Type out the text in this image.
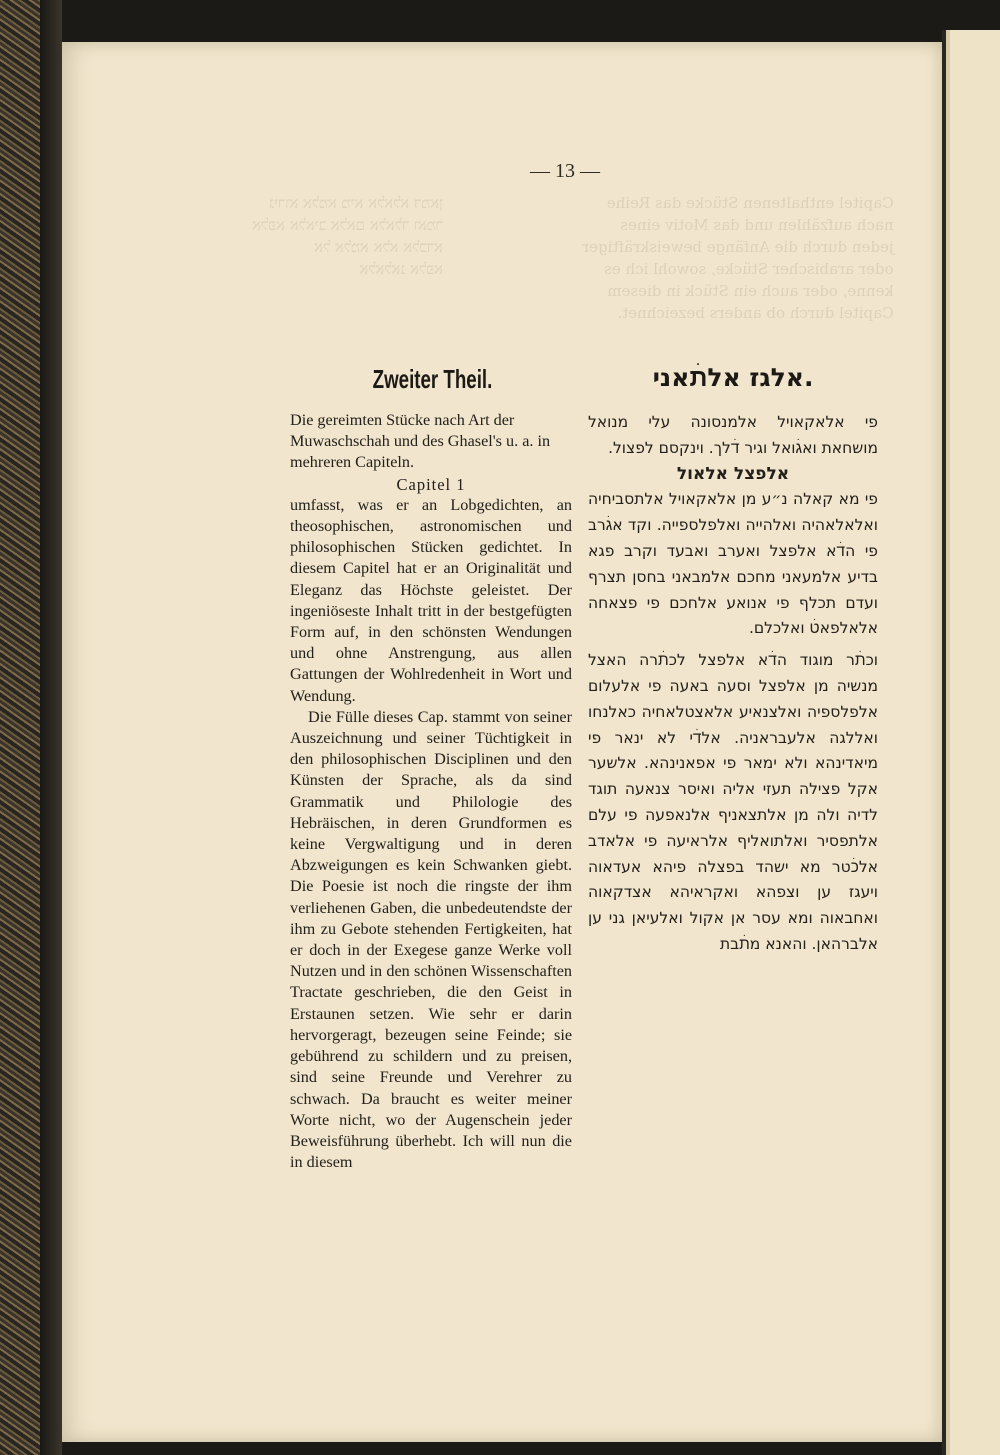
Capitel enthaltenen Stücke das Reihe
nach aufzählen und das Motiv eines
jeden durch die Anfänge beweiskräftiger
oder arabischer Stücke, sowohl ich es
kenne, oder auch ein Stück in diesem
Capitel durch ob anders bezeichnet.
גירוא אלמא מיא אלאלא דמאן
אלפא אלאיב אלאם אלאלד ואמר
אל אלמא אלא אלכדא
אלאלאנ אלפא
— 13 —
Zweiter Theil.

Die gereimten Stücke nach Art der Muwaschschah und des Ghasel's u. a. in mehreren Capiteln.

Capitel 1

umfasst, was er an Lobgedichten, an theosophischen, astronomischen und philosophischen Stücken gedichtet. In diesem Capitel hat er an Originalität und Eleganz das Höchste geleistet. Der ingeniöseste Inhalt tritt in der bestgefügten Form auf, in den schönsten Wendungen und ohne Anstrengung, aus allen Gattungen der Wohlredenheit in Wort und Wendung.

Die Fülle dieses Cap. stammt von seiner Auszeichnung und seiner Tüchtigkeit in den philosophischen Disciplinen und den Künsten der Sprache, als da sind Grammatik und Philologie des Hebräischen, in deren Grundformen es keine Vergwaltigung und in deren Abzweigungen es kein Schwanken giebt. Die Poesie ist noch die ringste der ihm verliehenen Gaben, die unbedeutendste der ihm zu Gebote stehenden Fertigkeiten, hat er doch in der Exegese ganze Werke voll Nutzen und in den schönen Wissenschaften Tractate geschrieben, die den Geist in Erstaunen setzen. Wie sehr er darin hervorgeragt, bezeugen seine Feinde; sie gebührend zu schildern und zu preisen, sind seine Freunde und Verehrer zu schwach. Da braucht es weiter meiner Worte nicht, wo der Augenschein jeder Beweisführung überhebt. Ich will nun die in diesem

אלגז אלתׄאני.

פי אלאקאויל אלמנסונה עלי מנואל מושחאת ואגׄואל וגיר דׄלך. וינקסם לפצול.

אלפצל אלאול

פי מא קאלה נ״ע מן אלאקאויל אלתסביחיה ואלאלאהיה ואלהייה ואלפלספייה. וקד אגׄרב פי הדׄא אלפצל ואערב ואבעד וקרב פגא בדיע אלמעאני מחכם אלמבאני בחסן תצרף ועדם תכלף פי אנואע אלחכם פי פצאחה אלאלפאטׄ ואלכלם.

וכתׄר מוגוד הדׄא אלפצל לכתׄרה האצל מנשיה מן אלפצל וסעה באעה פי אלעלום אלפלספיה ואלצנאיע אלאצטלאחיה כאלנחו ואללגה אלעבראניה. אלדׄי לא ינאר פי מיאדינהא ולא ימאר פי אפאנינהא. אלשער אקל פצילה תעזי אליה ואיסר צנאעה תוגד לדיה ולה מן אלתצאניף אלנאפעה פי עלם אלתפסיר ואלתואליף אלראיעה פי אלאדב אלכׄטר מא ישהד בפצלה פיהא אעדאוה ויעגז ען וצפהא ואקראיהא אצדקאוה ואחבאוה ומא עסר אן אקול ואלעיאן גני ען אלברהאן. והאנא מתׄבת
